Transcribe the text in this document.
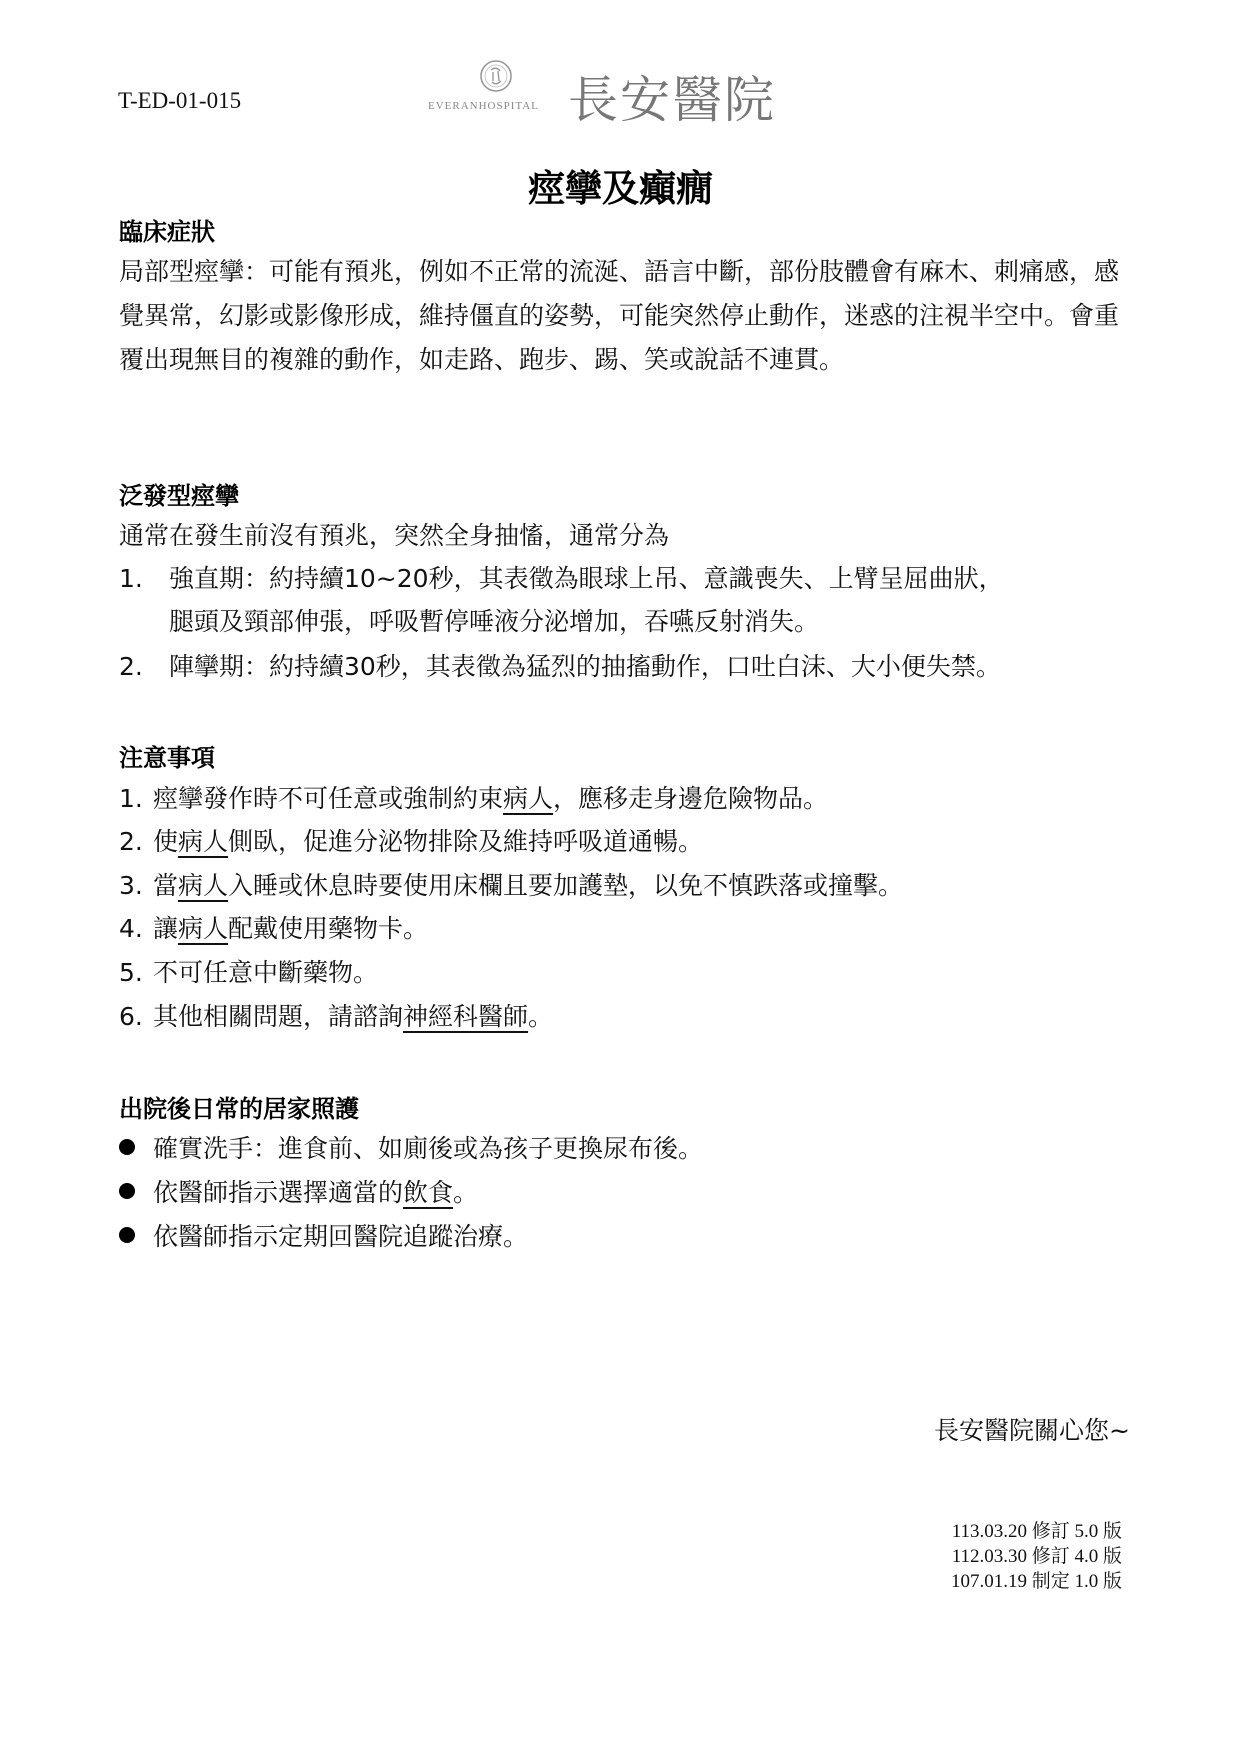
T-ED-01-015	EVERANHOSPITAL 長安醫院
痙攣及癲癇
臨床症狀
局部型痙攣：可能有預兆，例如不正常的流涎、語言中斷，部份肢體會有麻木、刺痛感，感覺異常，幻影或影像形成，維持僵直的姿勢，可能突然停止動作，迷惑的注視半空中。會重覆出現無目的複雜的動作，如走路、跑步、踢、笑或說話不連貫。
泛發型痙攣
通常在發生前沒有預兆，突然全身抽慉，通常分為
1. 強直期：約持續10~20秒，其表徵為眼球上吊、意識喪失、上臂呈屈曲狀，
腿頭及頸部伸張，呼吸暫停唾液分泌增加，吞嚥反射消失。
2. 陣攣期：約持續30秒，其表徵為猛烈的抽搐動作，口吐白沫、大小便失禁。
注意事項
1. 痙攣發作時不可任意或強制約束病人，應移走身邊危險物品。
2. 使病人側臥，促進分泌物排除及維持呼吸道通暢。
3. 當病人入睡或休息時要使用床欄且要加護墊，以免不慎跌落或撞擊。
4. 讓病人配戴使用藥物卡。
5. 不可任意中斷藥物。
6. 其他相關問題，請諮詢神經科醫師。
出院後日常的居家照護
確實洗手：進食前、如廁後或為孩子更換尿布後。
依醫師指示選擇適當的飲食。
依醫師指示定期回醫院追蹤治療。
長安醫院關心您~
113.03.20 修訂 5.0 版
112.03.30 修訂 4.0 版
107.01.19 制定 1.0 版
